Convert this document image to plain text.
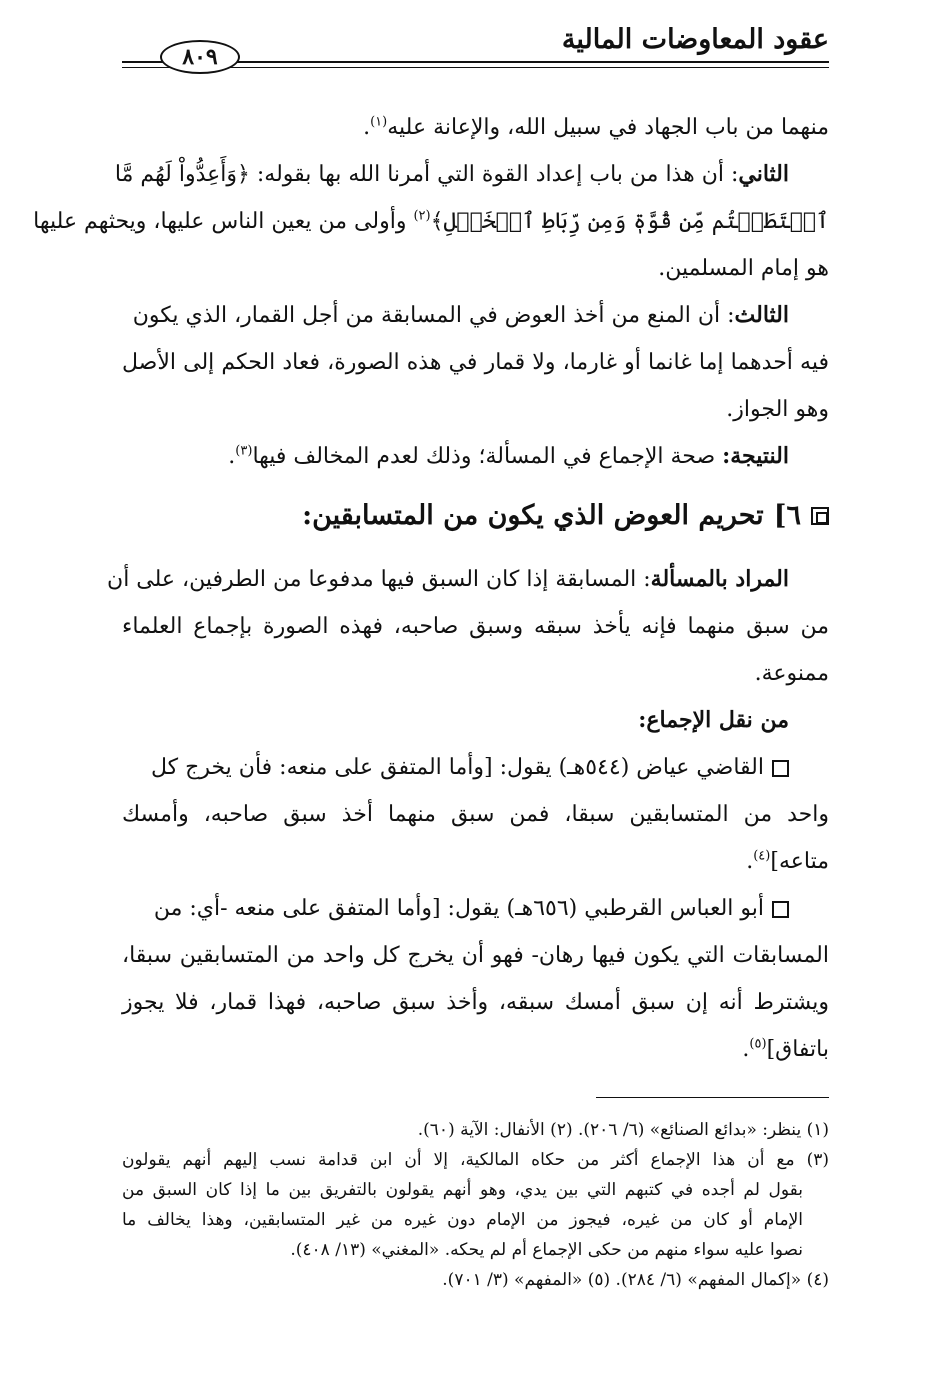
عقود المعاوضات المالية
٨٠٩
منهما من باب الجهاد في سبيل الله، والإعانة عليه$^{(١)}$.
الثاني: أن هذا من باب إعداد القوة التي أمرنا الله بها بقوله: ﴿وَأَعِدُّواْ لَهُم مَّا
ٱسۡتَطَعۡتُم مِّن قُوَّةٖ وَمِن رِّبَاطِ ٱلۡخَيۡلِ﴾$^{(٢)}$ وأولى من يعين الناس عليها، ويحثهم عليها
هو إمام المسلمين.
الثالث: أن المنع من أخذ العوض في المسابقة من أجل القمار، الذي يكون
فيه أحدهما إما غانما أو غارما، ولا قمار في هذه الصورة، فعاد الحكم إلى الأصل
وهو الجواز.
النتيجة: صحة الإجماع في المسألة؛ وذلك لعدم المخالف فيها$^{(٣)}$.
٦]
تحريم العوض الذي يكون من المتسابقين:
المراد بالمسألة: المسابقة إذا كان السبق فيها مدفوعا من الطرفين، على أن
من سبق منهما فإنه يأخذ سبقه وسبق صاحبه، فهذه الصورة بإجماع العلماء
ممنوعة.
من نقل الإجماع:
القاضي عياض (٥٤٤هـ) يقول: [وأما المتفق على منعه: فأن يخرج كل
واحد من المتسابقين سبقا، فمن سبق منهما أخذ سبق صاحبه، وأمسك
متاعه]$^{(٤)}$.
أبو العباس القرطبي (٦٥٦هـ) يقول: [وأما المتفق على منعه -أي: من
المسابقات التي يكون فيها رهان- فهو أن يخرج كل واحد من المتسابقين سبقا،
ويشترط أنه إن سبق أمسك سبقه، وأخذ سبق صاحبه، فهذا قمار، فلا يجوز
باتفاق]$^{(٥)}$.
(١) ينظر: «بدائع الصنائع» (٦/ ٢٠٦). (٢) الأنفال: الآية (٦٠).
(٣) مع أن هذا الإجماع أكثر من حكاه المالكية، إلا أن ابن قدامة نسب إليهم أنهم يقولون
بقول لم أجده في كتبهم التي بين يدي، وهو أنهم يقولون بالتفريق بين ما إذا كان السبق من
الإمام أو كان من غيره، فيجوز من الإمام دون غيره من غير المتسابقين، وهذا يخالف ما
نصوا عليه سواء منهم من حكى الإجماع أم لم يحكه. «المغني» (١٣/ ٤٠٨).
(٤) «إكمال المفهم» (٦/ ٢٨٤). (٥) «المفهم» (٣/ ٧٠١).
